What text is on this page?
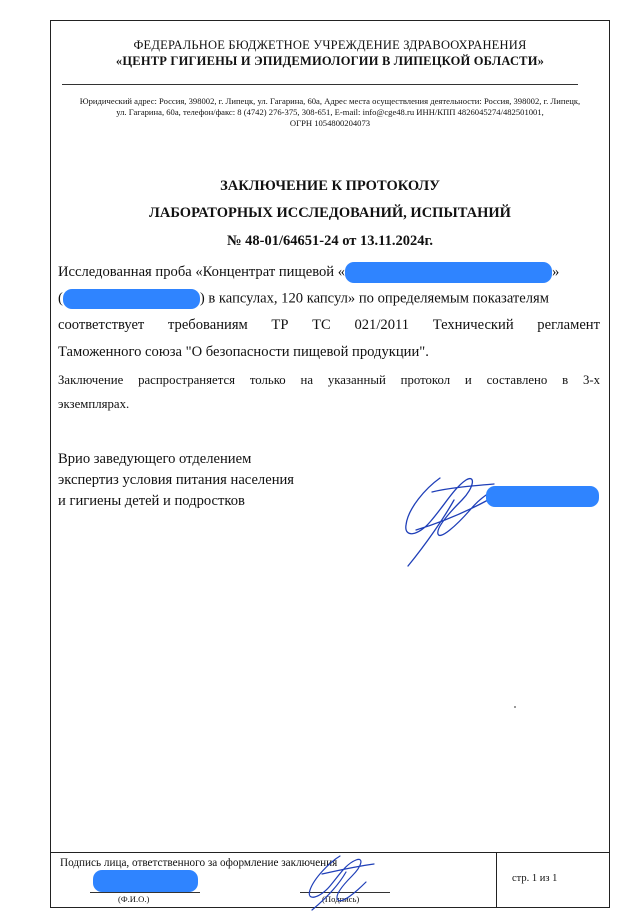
ФЕДЕРАЛЬНОЕ БЮДЖЕТНОЕ УЧРЕЖДЕНИЕ ЗДРАВООХРАНЕНИЯ
«ЦЕНТР ГИГИЕНЫ И ЭПИДЕМИОЛОГИИ В ЛИПЕЦКОЙ ОБЛАСТИ»
Юридический адрес: Россия, 398002, г. Липецк, ул. Гагарина, 60а, Адрес места осуществления деятельности: Россия, 398002, г. Липецк,
ул. Гагарина, 60а, телефон/факс: 8 (4742) 276-375, 308-651, E-mail: info@cge48.ru ИНН/КПП 4826045274/482501001,
ОГРН 1054800204073
ЗАКЛЮЧЕНИЕ К ПРОТОКОЛУ
ЛАБОРАТОРНЫХ ИССЛЕДОВАНИЙ, ИСПЫТАНИЙ
№ 48-01/64651-24 от 13.11.2024г.
Исследованная проба «Концентрат пищевой «	»
(	) в капсулах, 120 капсул» по определяемым показателям
соответствует требованиям ТР ТС 021/2011 Технический регламент
Таможенного союза "О безопасности пищевой продукции".
Заключение распространяется только на указанный протокол и составлено в 3-х
экземплярах.
Врио заведующего отделением
экспертиз условия питания населения
и гигиены детей и подростков
Подпись лица, ответственного за оформление заключения
(Ф.И.О.)	(Подпись)
стр. 1 из 1
